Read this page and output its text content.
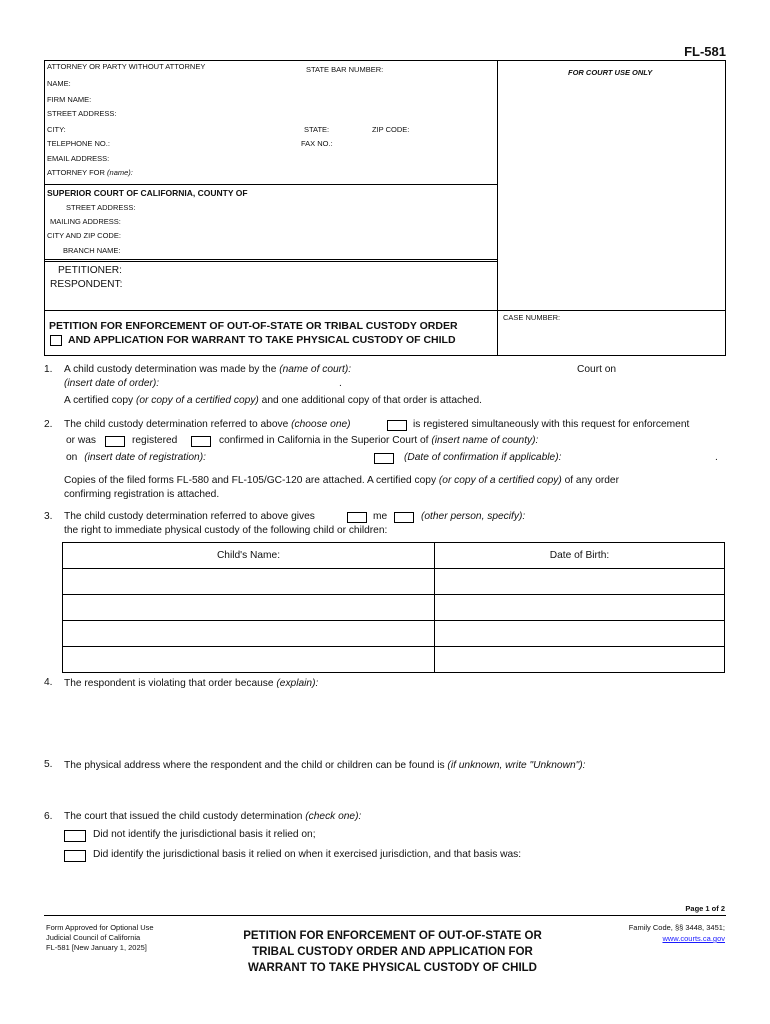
FL-581
ATTORNEY OR PARTY WITHOUT ATTORNEY	STATE BAR NUMBER:	FOR COURT USE ONLY
NAME:
FIRM NAME:
STREET ADDRESS:
CITY:	STATE:	ZIP CODE:
TELEPHONE NO.:	FAX NO.:
EMAIL ADDRESS:
ATTORNEY FOR (name):
SUPERIOR COURT OF CALIFORNIA, COUNTY OF
STREET ADDRESS:
MAILING ADDRESS:
CITY AND ZIP CODE:
BRANCH NAME:
PETITIONER:
RESPONDENT:
CASE NUMBER:
PETITION FOR ENFORCEMENT OF OUT-OF-STATE OR TRIBAL CUSTODY ORDER
AND APPLICATION FOR WARRANT TO TAKE PHYSICAL CUSTODY OF CHILD
1. A child custody determination was made by the (name of court):	Court on
(insert date of order):	.
A certified copy (or copy of a certified copy) and one additional copy of that order is attached.
2. The child custody determination referred to above (choose one)	is registered simultaneously with this request for enforcement
or was	registered	confirmed in California in the Superior Court of (insert name of county):
on (insert date of registration):	(Date of confirmation if applicable):	.
Copies of the filed forms FL-580 and FL-105/GC-120 are attached. A certified copy (or copy of a certified copy) of any order
confirming registration is attached.
3. The child custody determination referred to above gives	me	(other person, specify):
the right to immediate physical custody of the following child or children:
Child's Name:	Date of Birth:

4. The respondent is violating that order because (explain):
5. The physical address where the respondent and the child or children can be found is (if unknown, write "Unknown"):
6. The court that issued the child custody determination (check one):
Did not identify the jurisdictional basis it relied on;
Did identify the jurisdictional basis it relied on when it exercised jurisdiction, and that basis was:
Page 1 of 2
Form Approved for Optional Use
Judicial Council of California
FL-581 [New January 1, 2025]
PETITION FOR ENFORCEMENT OF OUT-OF-STATE OR
TRIBAL CUSTODY ORDER AND APPLICATION FOR
WARRANT TO TAKE PHYSICAL CUSTODY OF CHILD
Family Code, §§ 3448, 3451;
www.courts.ca.gov
